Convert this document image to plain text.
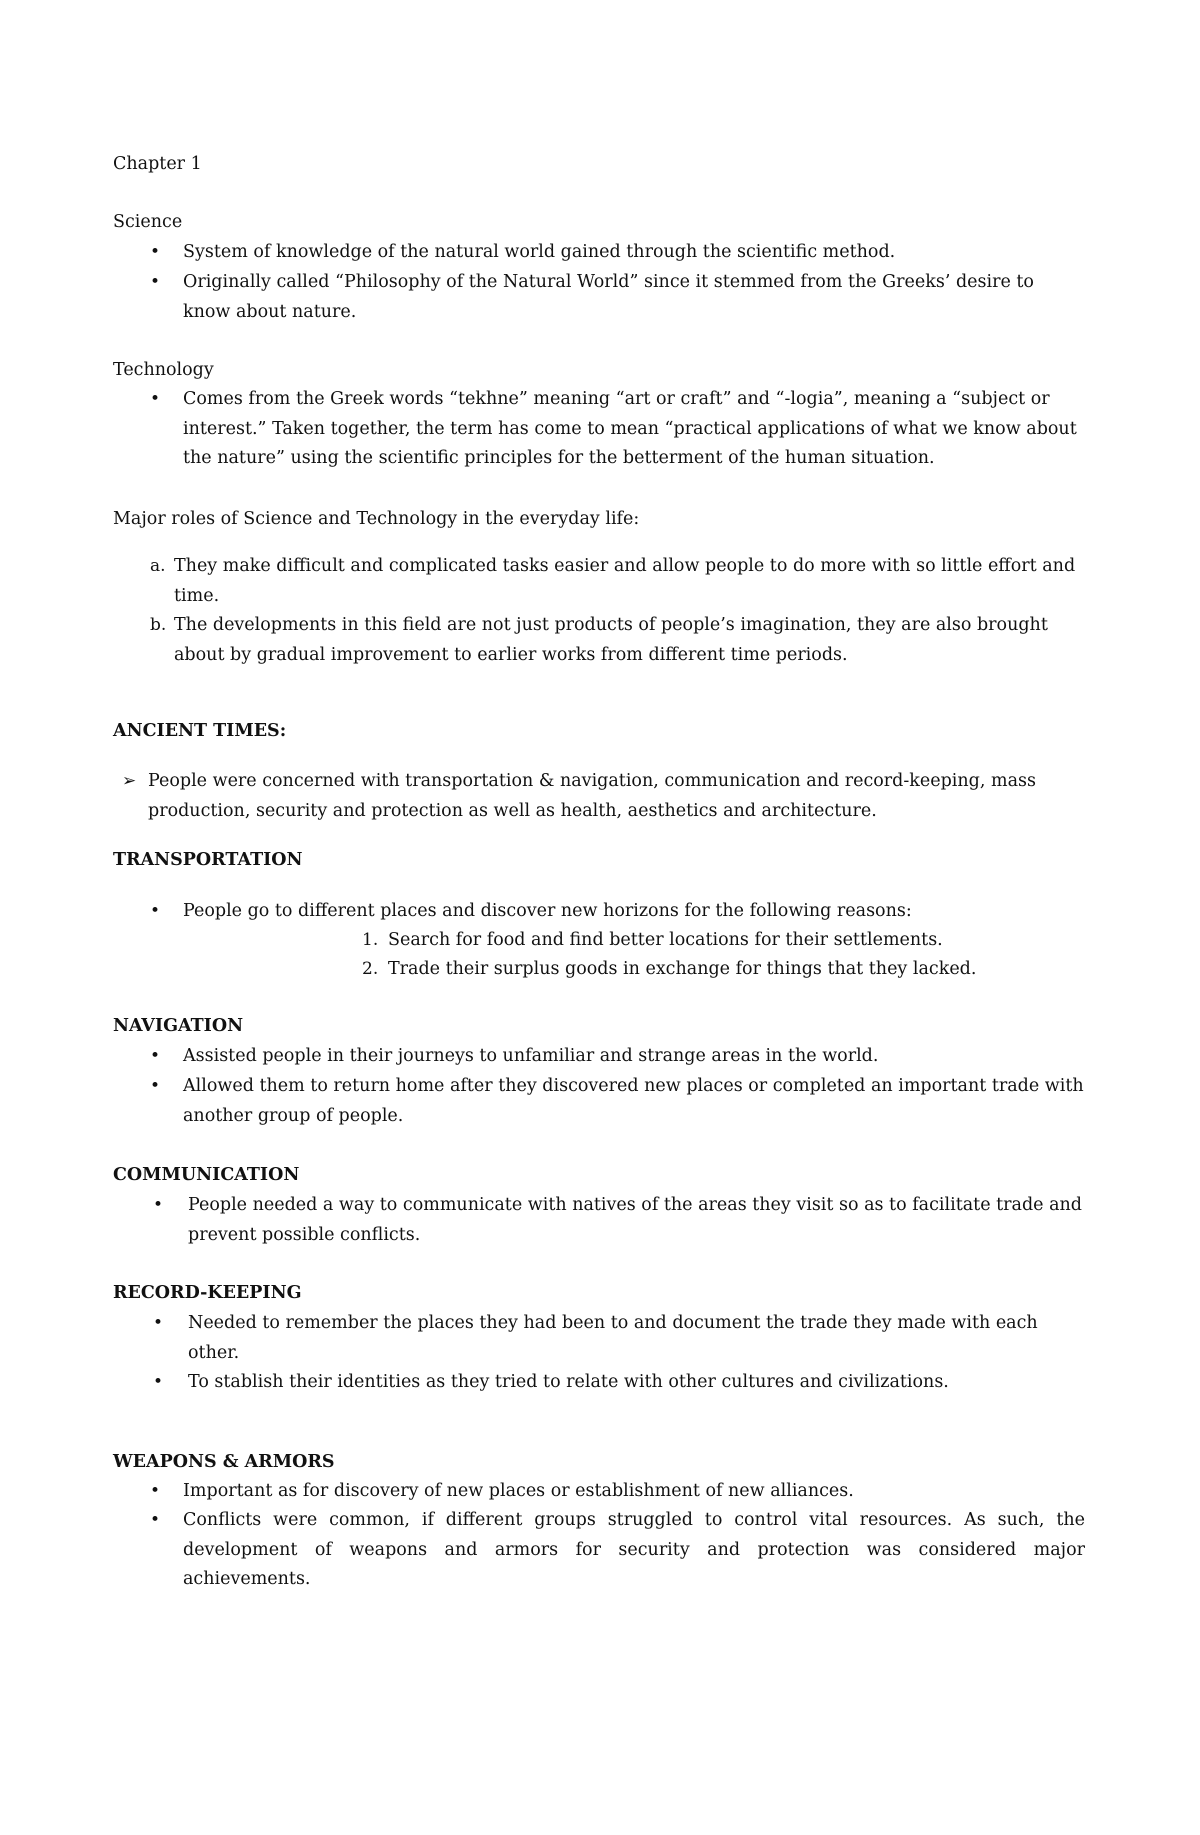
Chapter 1
Science
•	System of knowledge of the natural world gained through the scientific method.
•	Originally called “Philosophy of the Natural World” since it stemmed from the Greeks’ desire to know about nature.
Technology
•	Comes from the Greek words “tekhne” meaning “art or craft” and “-logia”, meaning a “subject or interest.” Taken together, the term has come to mean “practical applications of what we know about the nature” using the scientific principles for the betterment of the human situation.
Major roles of Science and Technology in the everyday life:
a. They make difficult and complicated tasks easier and allow people to do more with so little effort and time.
b. The developments in this field are not just products of people’s imagination, they are also brought about by gradual improvement to earlier works from different time periods.
ANCIENT TIMES:
➢ People were concerned with transportation & navigation, communication and record-keeping, mass production, security and protection as well as health, aesthetics and architecture.
TRANSPORTATION
•	People go to different places and discover new horizons for the following reasons:
1. Search for food and find better locations for their settlements.
2. Trade their surplus goods in exchange for things that they lacked.
NAVIGATION
•	Assisted people in their journeys to unfamiliar and strange areas in the world.
•	Allowed them to return home after they discovered new places or completed an important trade with another group of people.
COMMUNICATION
•	People needed a way to communicate with natives of the areas they visit so as to facilitate trade and prevent possible conflicts.
RECORD-KEEPING
•	Needed to remember the places they had been to and document the trade they made with each other.
•	To stablish their identities as they tried to relate with other cultures and civilizations.
WEAPONS & ARMORS
•	Important as for discovery of new places or establishment of new alliances.
•	Conflicts were common, if different groups struggled to control vital resources. As such, the development of weapons and armors for security and protection was considered major achievements.
